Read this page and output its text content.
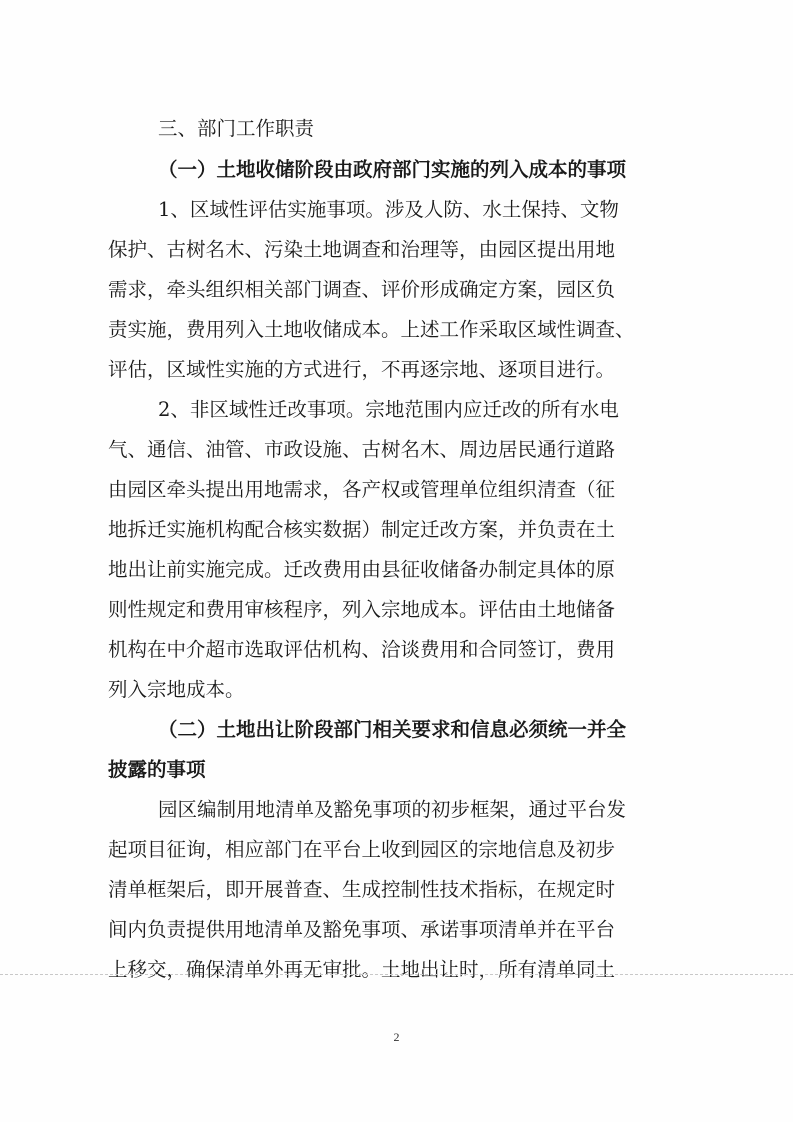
三、部门工作职责
（一）土地收储阶段由政府部门实施的列入成本的事项
1、区域性评估实施事项。涉及人防、水土保持、文物
保护、古树名木、污染土地调查和治理等，由园区提出用地
需求，牵头组织相关部门调查、评价形成确定方案，园区负
责实施，费用列入土地收储成本。上述工作采取区域性调查、
评估，区域性实施的方式进行，不再逐宗地、逐项目进行。
2、非区域性迁改事项。宗地范围内应迁改的所有水电
气、通信、油管、市政设施、古树名木、周边居民通行道路
由园区牵头提出用地需求，各产权或管理单位组织清查（征
地拆迁实施机构配合核实数据）制定迁改方案，并负责在土
地出让前实施完成。迁改费用由县征收储备办制定具体的原
则性规定和费用审核程序，列入宗地成本。评估由土地储备
机构在中介超市选取评估机构、洽谈费用和合同签订，费用
列入宗地成本。
（二）土地出让阶段部门相关要求和信息必须统一并全
披露的事项
园区编制用地清单及豁免事项的初步框架，通过平台发
起项目征询，相应部门在平台上收到园区的宗地信息及初步
清单框架后，即开展普查、生成控制性技术指标，在规定时
间内负责提供用地清单及豁免事项、承诺事项清单并在平台
上移交，确保清单外再无审批。土地出让时，所有清单同土
2
